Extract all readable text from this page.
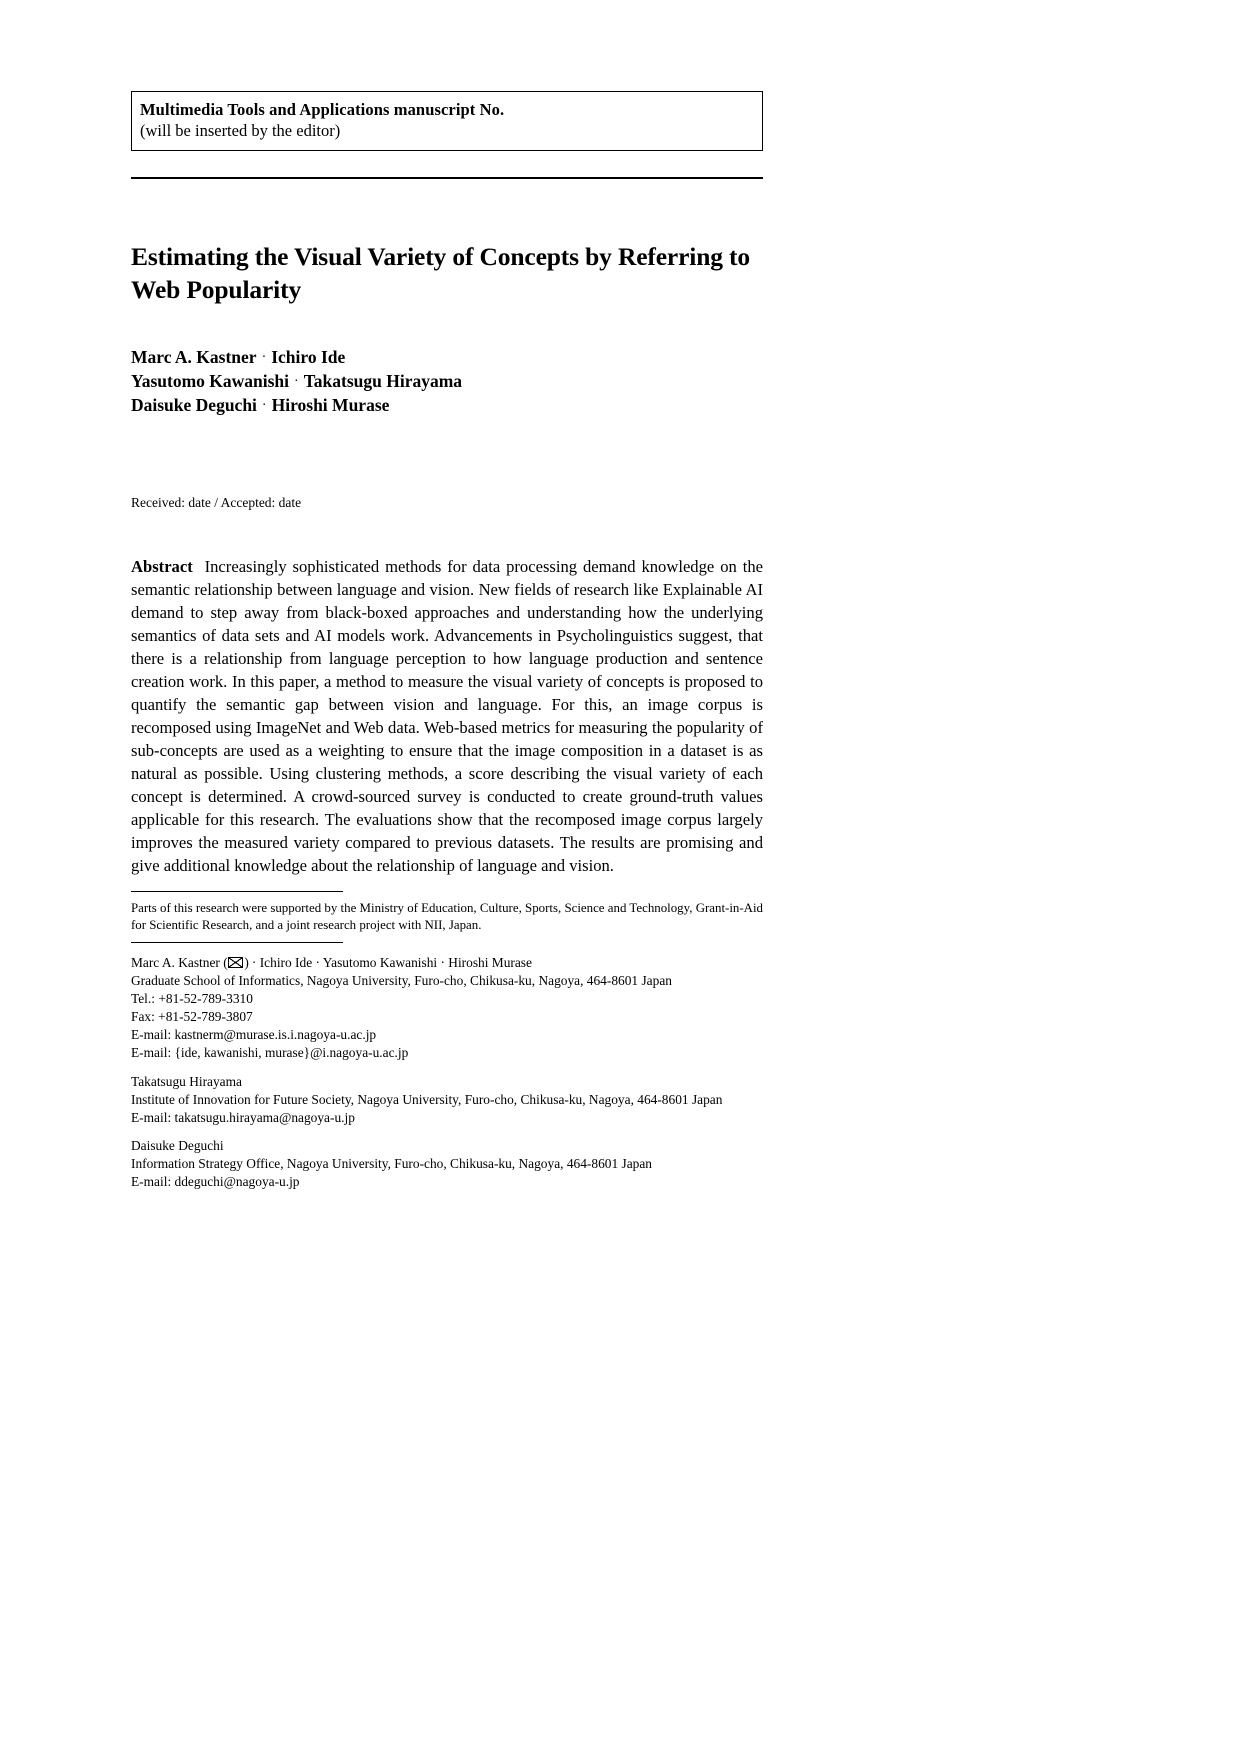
Multimedia Tools and Applications manuscript No.
(will be inserted by the editor)
Estimating the Visual Variety of Concepts by Referring to Web Popularity
Marc A. Kastner · Ichiro Ide
Yasutomo Kawanishi · Takatsugu Hirayama
Daisuke Deguchi · Hiroshi Murase
Received: date / Accepted: date
Abstract Increasingly sophisticated methods for data processing demand knowledge on the semantic relationship between language and vision. New fields of research like Explainable AI demand to step away from black-boxed approaches and understanding how the underlying semantics of data sets and AI models work. Advancements in Psycholinguistics suggest, that there is a relationship from language perception to how language production and sentence creation work. In this paper, a method to measure the visual variety of concepts is proposed to quantify the semantic gap between vision and language. For this, an image corpus is recomposed using ImageNet and Web data. Web-based metrics for measuring the popularity of sub-concepts are used as a weighting to ensure that the image composition in a dataset is as natural as possible. Using clustering methods, a score describing the visual variety of each concept is determined. A crowd-sourced survey is conducted to create ground-truth values applicable for this research. The evaluations show that the recomposed image corpus largely improves the measured variety compared to previous datasets. The results are promising and give additional knowledge about the relationship of language and vision.
Parts of this research were supported by the Ministry of Education, Culture, Sports, Science and Technology, Grant-in-Aid for Scientific Research, and a joint research project with NII, Japan.
Marc A. Kastner ( ) · Ichiro Ide · Yasutomo Kawanishi · Hiroshi Murase
Graduate School of Informatics, Nagoya University, Furo-cho, Chikusa-ku, Nagoya, 464-8601 Japan
Tel.: +81-52-789-3310
Fax: +81-52-789-3807
E-mail: kastnerm@murase.is.i.nagoya-u.ac.jp
E-mail: {ide, kawanishi, murase}@i.nagoya-u.ac.jp
Takatsugu Hirayama
Institute of Innovation for Future Society, Nagoya University, Furo-cho, Chikusa-ku, Nagoya, 464-8601 Japan
E-mail: takatsugu.hirayama@nagoya-u.jp
Daisuke Deguchi
Information Strategy Office, Nagoya University, Furo-cho, Chikusa-ku, Nagoya, 464-8601 Japan
E-mail: ddeguchi@nagoya-u.jp
